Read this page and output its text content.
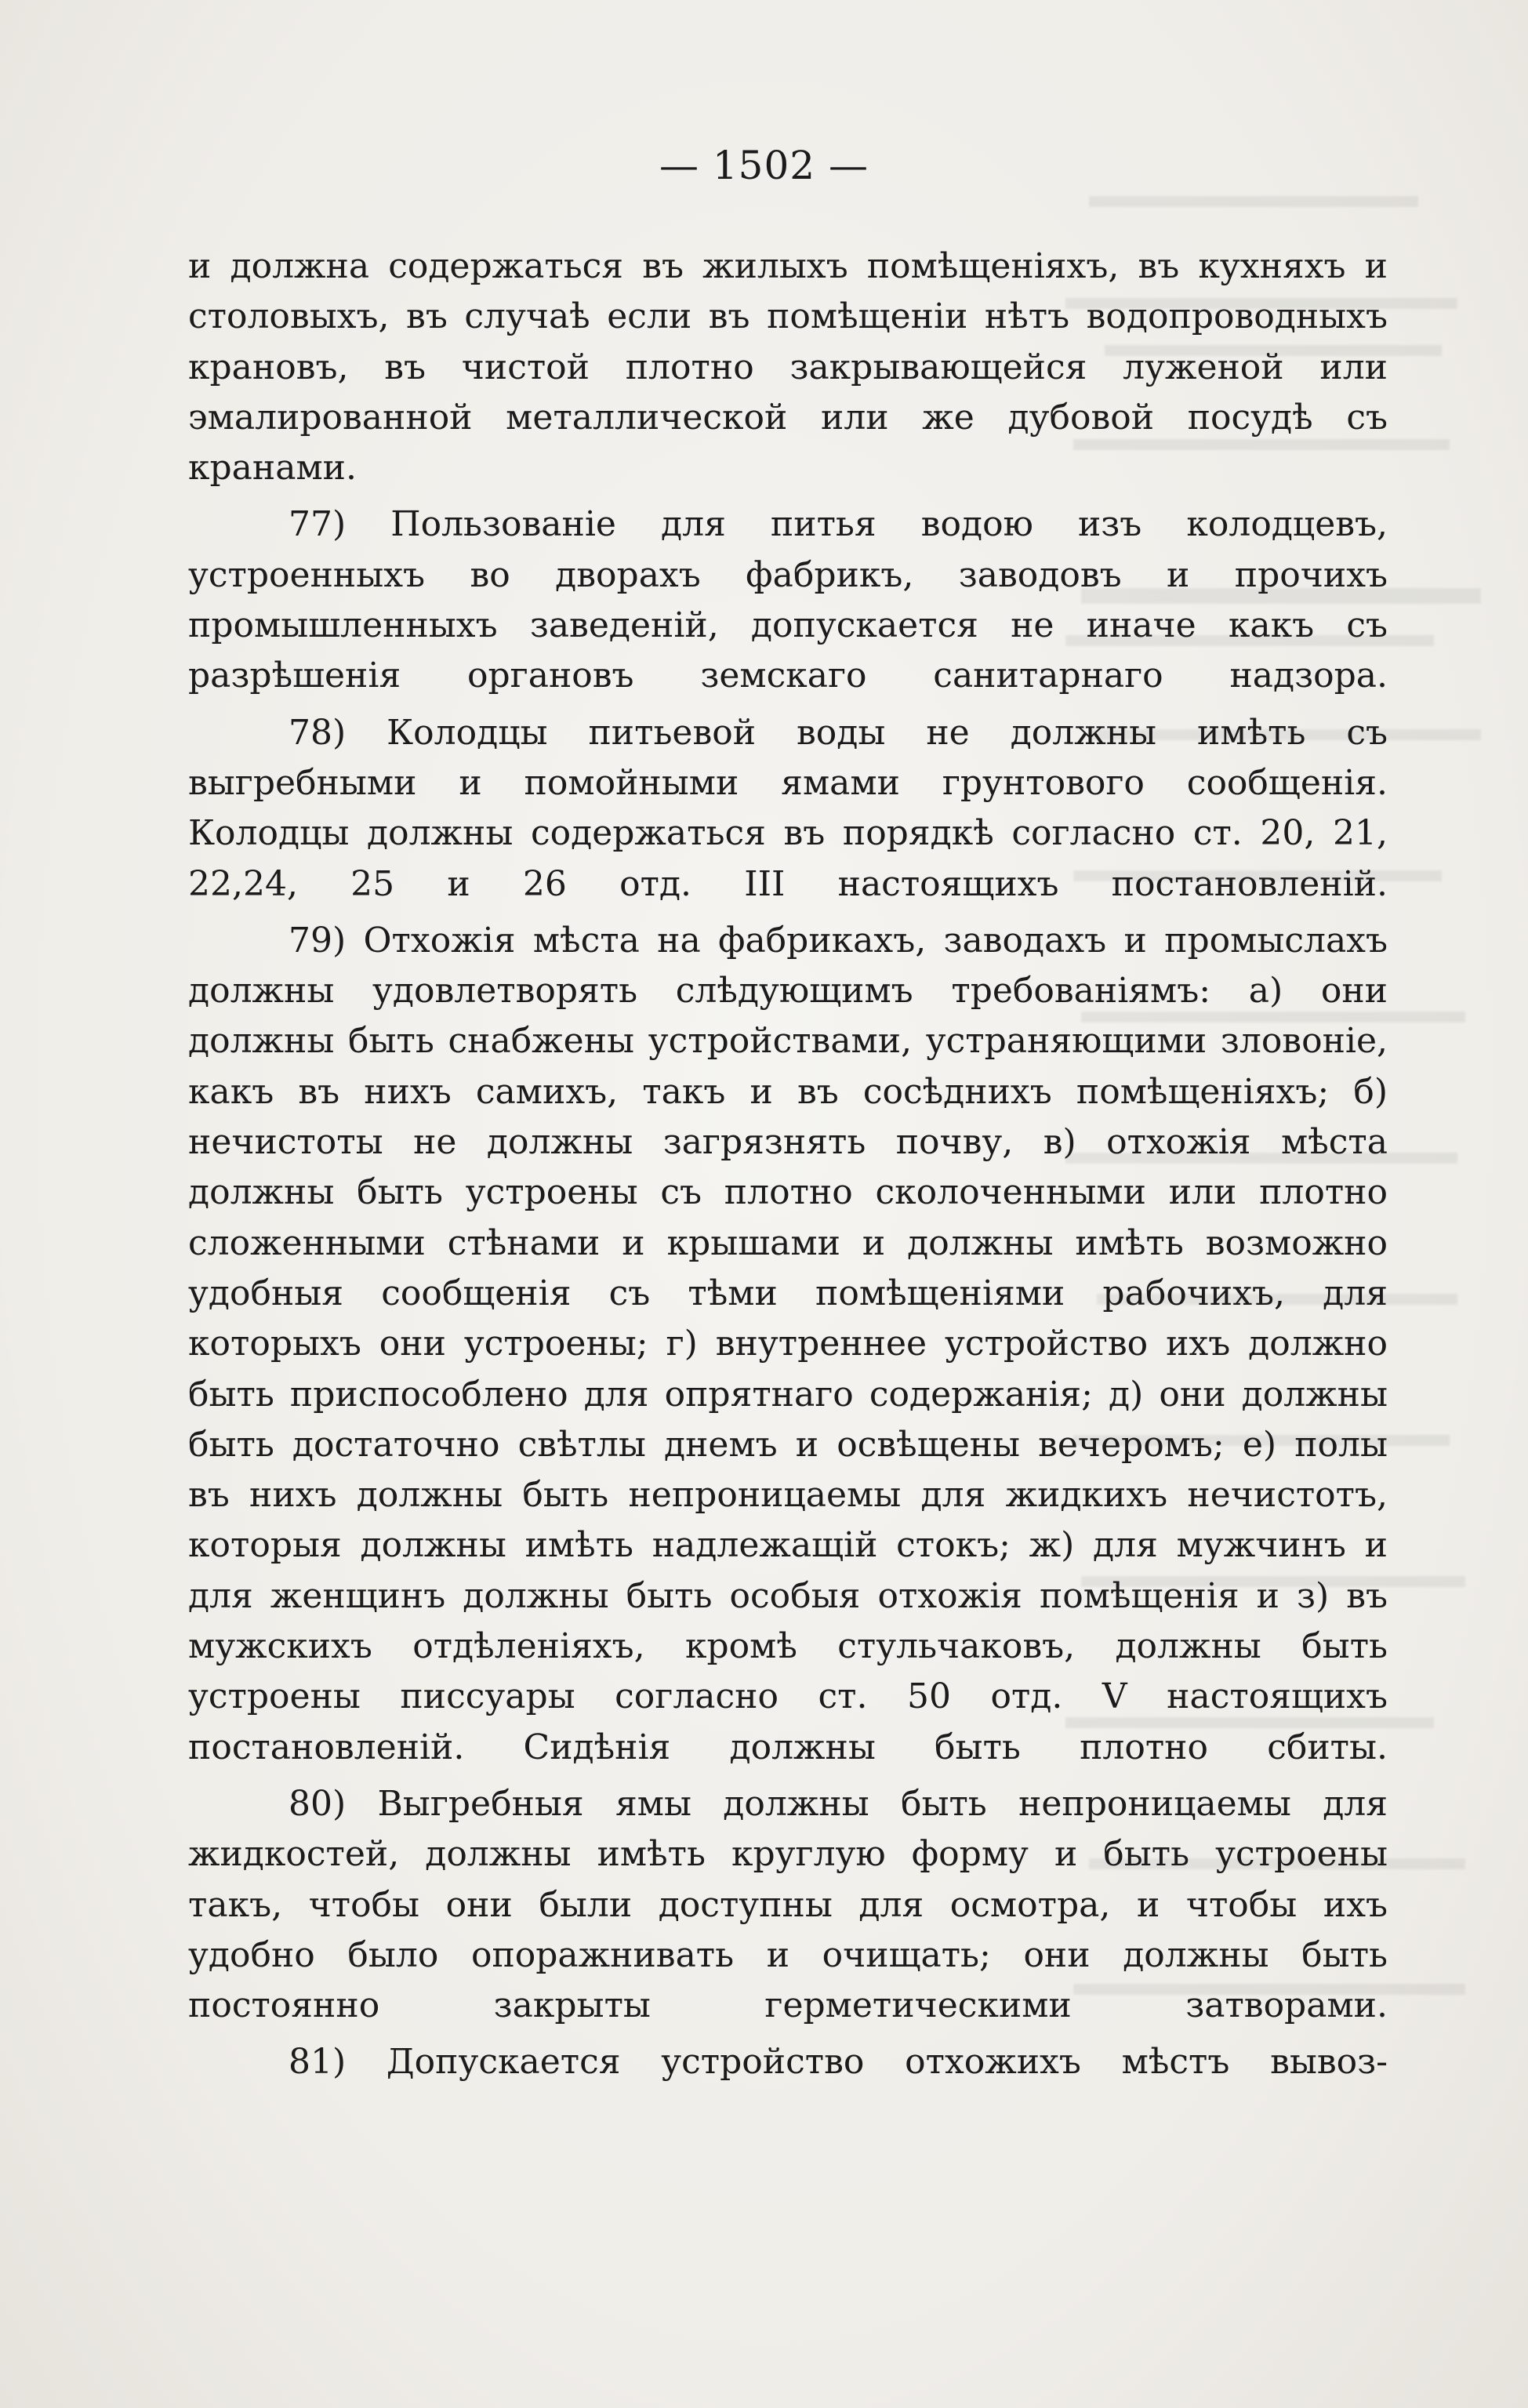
— 1502 —

и должна содержаться въ жилыхъ помѣщеніяхъ, въ кухняхъ и столовыхъ, въ случаѣ если въ помѣщеніи нѣтъ водопроводныхъ крановъ, въ чистой плотно закрывающейся луженой или эмалированной металлической или же дубовой посудѣ съ кранами.

77) Пользованіе для питья водою изъ колодцевъ, устроенныхъ во дворахъ фабрикъ, заводовъ и прочихъ промышленныхъ заведеній, допускается не иначе какъ съ разрѣшенія органовъ земскаго санитарнаго надзора.

78) Колодцы питьевой воды не должны имѣть съ выгребными и помойными ямами грунтового сообщенія. Колодцы должны содержаться въ порядкѣ согласно ст. 20, 21, 22,24, 25 и 26 отд. III настоящихъ постановленій.

79) Отхожія мѣста на фабрикахъ, заводахъ и промыслахъ должны удовлетворять слѣдующимъ требованіямъ: а) они должны быть снабжены устройствами, устраняющими зловоніе, какъ въ нихъ самихъ, такъ и въ сосѣднихъ помѣщеніяхъ; б) нечистоты не должны загрязнять почву, в) отхожія мѣста должны быть устроены съ плотно сколоченными или плотно сложенными стѣнами и крышами и должны имѣть возможно удобныя сообщенія съ тѣми помѣщеніями рабочихъ, для которыхъ они устроены; г) внутреннее устройство ихъ должно быть приспособлено для опрятнаго содержанія; д) они должны быть достаточно свѣтлы днемъ и освѣщены вечеромъ; е) полы въ нихъ должны быть непроницаемы для жидкихъ нечистотъ, которыя должны имѣть надлежащій стокъ; ж) для мужчинъ и для женщинъ должны быть особыя отхожія помѣщенія и з) въ мужскихъ отдѣленіяхъ, кромѣ стульчаковъ, должны быть устроены писсуары согласно ст. 50 отд. V настоящихъ постановленій. Сидѣнія должны быть плотно сбиты.

80) Выгребныя ямы должны быть непроницаемы для жидкостей, должны имѣть круглую форму и быть устроены такъ, чтобы они были доступны для осмотра, и чтобы ихъ удобно было опоражнивать и очищать; они должны быть постоянно закрыты герметическими затворами.

81) Допускается устройство отхожихъ мѣстъ вывоз-
